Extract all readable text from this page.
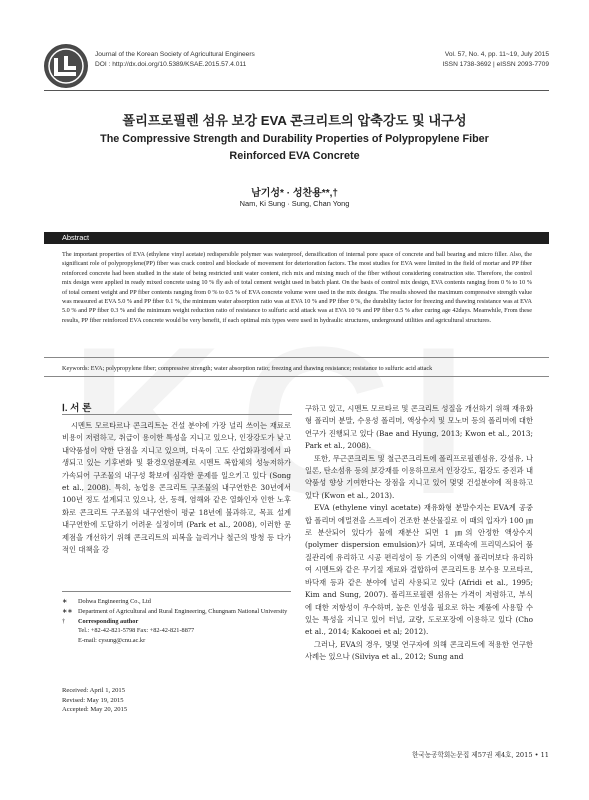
Journal of the Korean Society of Agricultural Engineers
DOI : http://dx.doi.org/10.5389/KSAE.2015.57.4.011
Vol. 57, No. 4, pp. 11~19, July 2015
ISSN 1738-3692 | eISSN 2093-7709
폴리프로필렌 섬유 보강 EVA 콘크리트의 압축강도 및 내구성
The Compressive Strength and Durability Properties of Polypropylene Fiber
Reinforced EVA Concrete
남기성* · 성찬용**,†
Nam, Ki Sung · Sung, Chan Yong
Abstract
The important properties of EVA (ethylene vinyl acetate) redispersible polymer was waterproof, densification of internal pore space of concrete and ball bearing and micro filler. Also, the significant role of polypropylene(PP) fiber was crack control and blockade of movement for deterioration factors. The most studies for EVA were limited in the field of mortar and PP fiber reinforced concrete had been studied in the state of being restricted unit water content, rich mix and mixing much of the fiber without considering construction site. Therefore, the control mix design were applied in ready mixed concrete using 10 % fly ash of total cement weight used in batch plant. On the basis of control mix design, EVA contents ranging from 0 % to 10 % of total cement weight and PP fiber contents ranging from 0 % to 0.5 % of EVA concrete volume were used in the mix designs. The results showed the maximum compressive strength value was measured at EVA 5.0 % and PP fiber 0.1 %, the minimum water absorption ratio was at EVA 10 % and PP fiber 0 %, the durability factor for freezing and thawing resistance was at EVA 5.0 % and PP fiber 0.3 % and the minimum weight reduction ratio of resistance to sulfuric acid attack was at EVA 10 % and PP fiber 0.5 % after curing age 42days. Meanwhile, From these results, PP fiber reinforced EVA concrete would be very benefit, if each optimal mix types were used in hydraulic structures, underground utilities and agricultural structures.
Keywords: EVA; polypropylene fiber; compressive strength; water absorption ratio; freezing and thawing resistance; resistance to sulfuric acid attack
Ⅰ. 서 론

시멘트 모르타르나 콘크리트는 건설 분야에 가장 널리 쓰이는 재료로 비용이 저렴하고, 취급이 용이한 특성을 지니고 있으나, 인장강도가 낮고 내약품성이 약한 단점을 지니고 있으며, 더욱이 고도 산업화과정에서 파생되고 있는 기후변화 및 환경오염문제로 시멘트 복합체의 성능저하가 가속되어 구조물의 내구성 확보에 심각한 문제를 일으키고 있다 (Song et al., 2008). 특히, 농업용 콘크리트 구조물의 내구연한은 30년에서 100년 정도 설계되고 있으나, 산, 동해, 염해와 같은 열화인자 인한 노후화로 콘크리트 구조물의 내구연한이 평균 18년에 불과하고, 목표 설계 내구연한에 도달하기 어려운 실정이며 (Park et al., 2008), 이러한 문제점을 개선하기 위해 콘크리트의 피복을 늘리거나 철근의 방청 등 다가적인 대책을 강

∗	Dohwa Engineering Co., Ltd
∗∗ Department of Agricultural and Rural Engineering, Chungnam National University
†	Corresponding author
Tel.: +82-42-821-5798 Fax: +82-42-821-8877
E-mail: cysung@cnu.ac.kr
Received: April 1, 2015
Revised: May 19, 2015
Accepted: May 20, 2015

구하고 있고, 시멘트 모르타르 및 콘크리트 성질을 개선하기 위해 재유화형 폴리머 분말, 수용성 폴리머, 액상수지 및 모노머 등의 폴리머에 대한 연구가 진행되고 있다 (Bae and Hyung, 2013; Kwon et al., 2013; Park et al., 2008).

또한, 무근콘크리트 및 철근콘크리트에 폴리프로필렌섬유, 강섬유, 나일론, 탄소섬유 등의 보강재를 이용하므로서 인장강도, 휨강도 증진과 내약품성 향상 기여한다는 장점을 지니고 있어 몇몇 건설분야에 적용하고 있다 (Kwon et al., 2013).

EVA (ethylene vinyl acetate) 재유화형 분말수지는 EVA계 공중합 폴리머 에멀젼을 스프레이 건조한 분산물질로 이 때의 입자가 100 ㎛로 분산되어 있다가 물에 재분산 되면 1 ㎛의 안정한 액상수지 (polymer dispersion emulsion)가 되며, 포대속에 프리믹스되어 품질관리에 유리하고 시공 편리성이 등 기존의 이액형 폴리머보다 유리하여 시멘트와 같은 무기질 재료와 결합하여 콘크리트용 보수용 모르타르, 바닥재 등과 같은 분야에 널리 사용되고 있다 (Afridi et al., 1995; Kim and Sung, 2007). 폴리프로필렌 섬유는 가격이 저렴하고, 부식에 대한 저항성이 우수하며, 높은 인성을 필요로 하는 제품에 사용할 수 있는 특성을 지니고 있어 터널, 교량, 도로포장에 이용하고 있다 (Cho et al., 2014; Kakooei et al; 2012).

그러나, EVA의 경우, 몇몇 연구자에 의해 콘크리트에 적용한 연구한 사례는 있으나 (Silviya et al., 2012; Sung and

한국농공학회논문집 제57권 제4호, 2015 • 11
